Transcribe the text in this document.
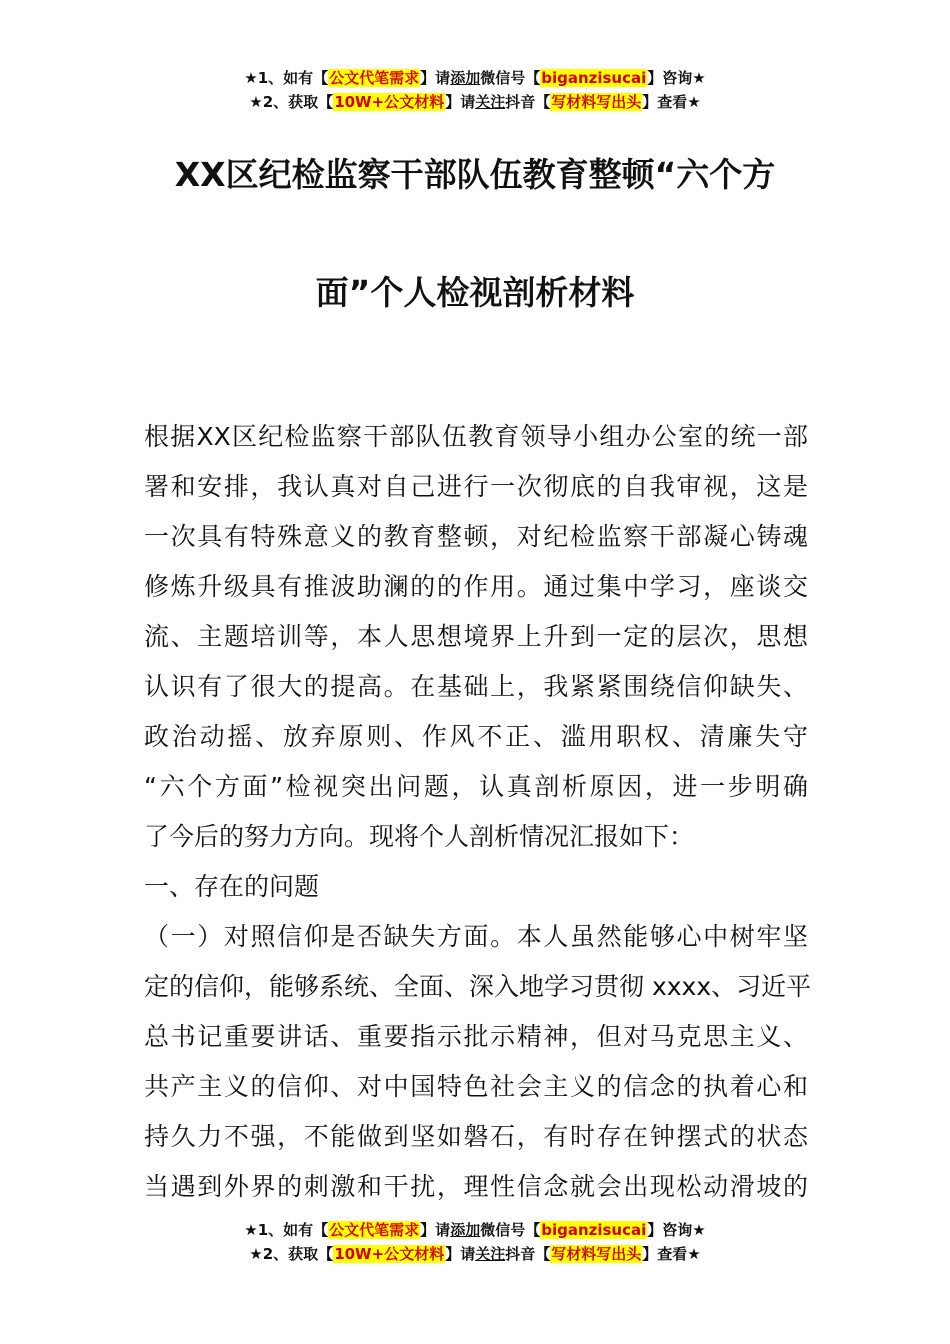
★1、如有【公文代笔需求】请添加微信号【biganzisucai】咨询★
★2、获取【10W+公文材料】请关注抖音【写材料写出头】查看★
XX区纪检监察干部队伍教育整顿“六个方
面”个人检视剖析材料
根据XX区纪检监察干部队伍教育领导小组办公室的统一部
署和安排，我认真对自己进行一次彻底的自我审视，这是
一次具有特殊意义的教育整顿，对纪检监察干部凝心铸魂
修炼升级具有推波助澜的的作用。通过集中学习，座谈交
流、主题培训等，本人思想境界上升到一定的层次，思想
认识有了很大的提高。在基础上，我紧紧围绕信仰缺失、
政治动摇、放弃原则、作风不正、滥用职权、清廉失守
“六个方面”检视突出问题，认真剖析原因，进一步明确
了今后的努力方向。现将个人剖析情况汇报如下：
一、存在的问题
（一）对照信仰是否缺失方面。本人虽然能够心中树牢坚
定的信仰，能够系统、全面、深入地学习贯彻 xxxx、习近平
总书记重要讲话、重要指示批示精神，但对马克思主义、
共产主义的信仰、对中国特色社会主义的信念的执着心和
持久力不强，不能做到坚如磐石，有时存在钟摆式的状态
当遇到外界的刺激和干扰，理性信念就会出现松动滑坡的
★1、如有【公文代笔需求】请添加微信号【biganzisucai】咨询★
★2、获取【10W+公文材料】请关注抖音【写材料写出头】查看★
